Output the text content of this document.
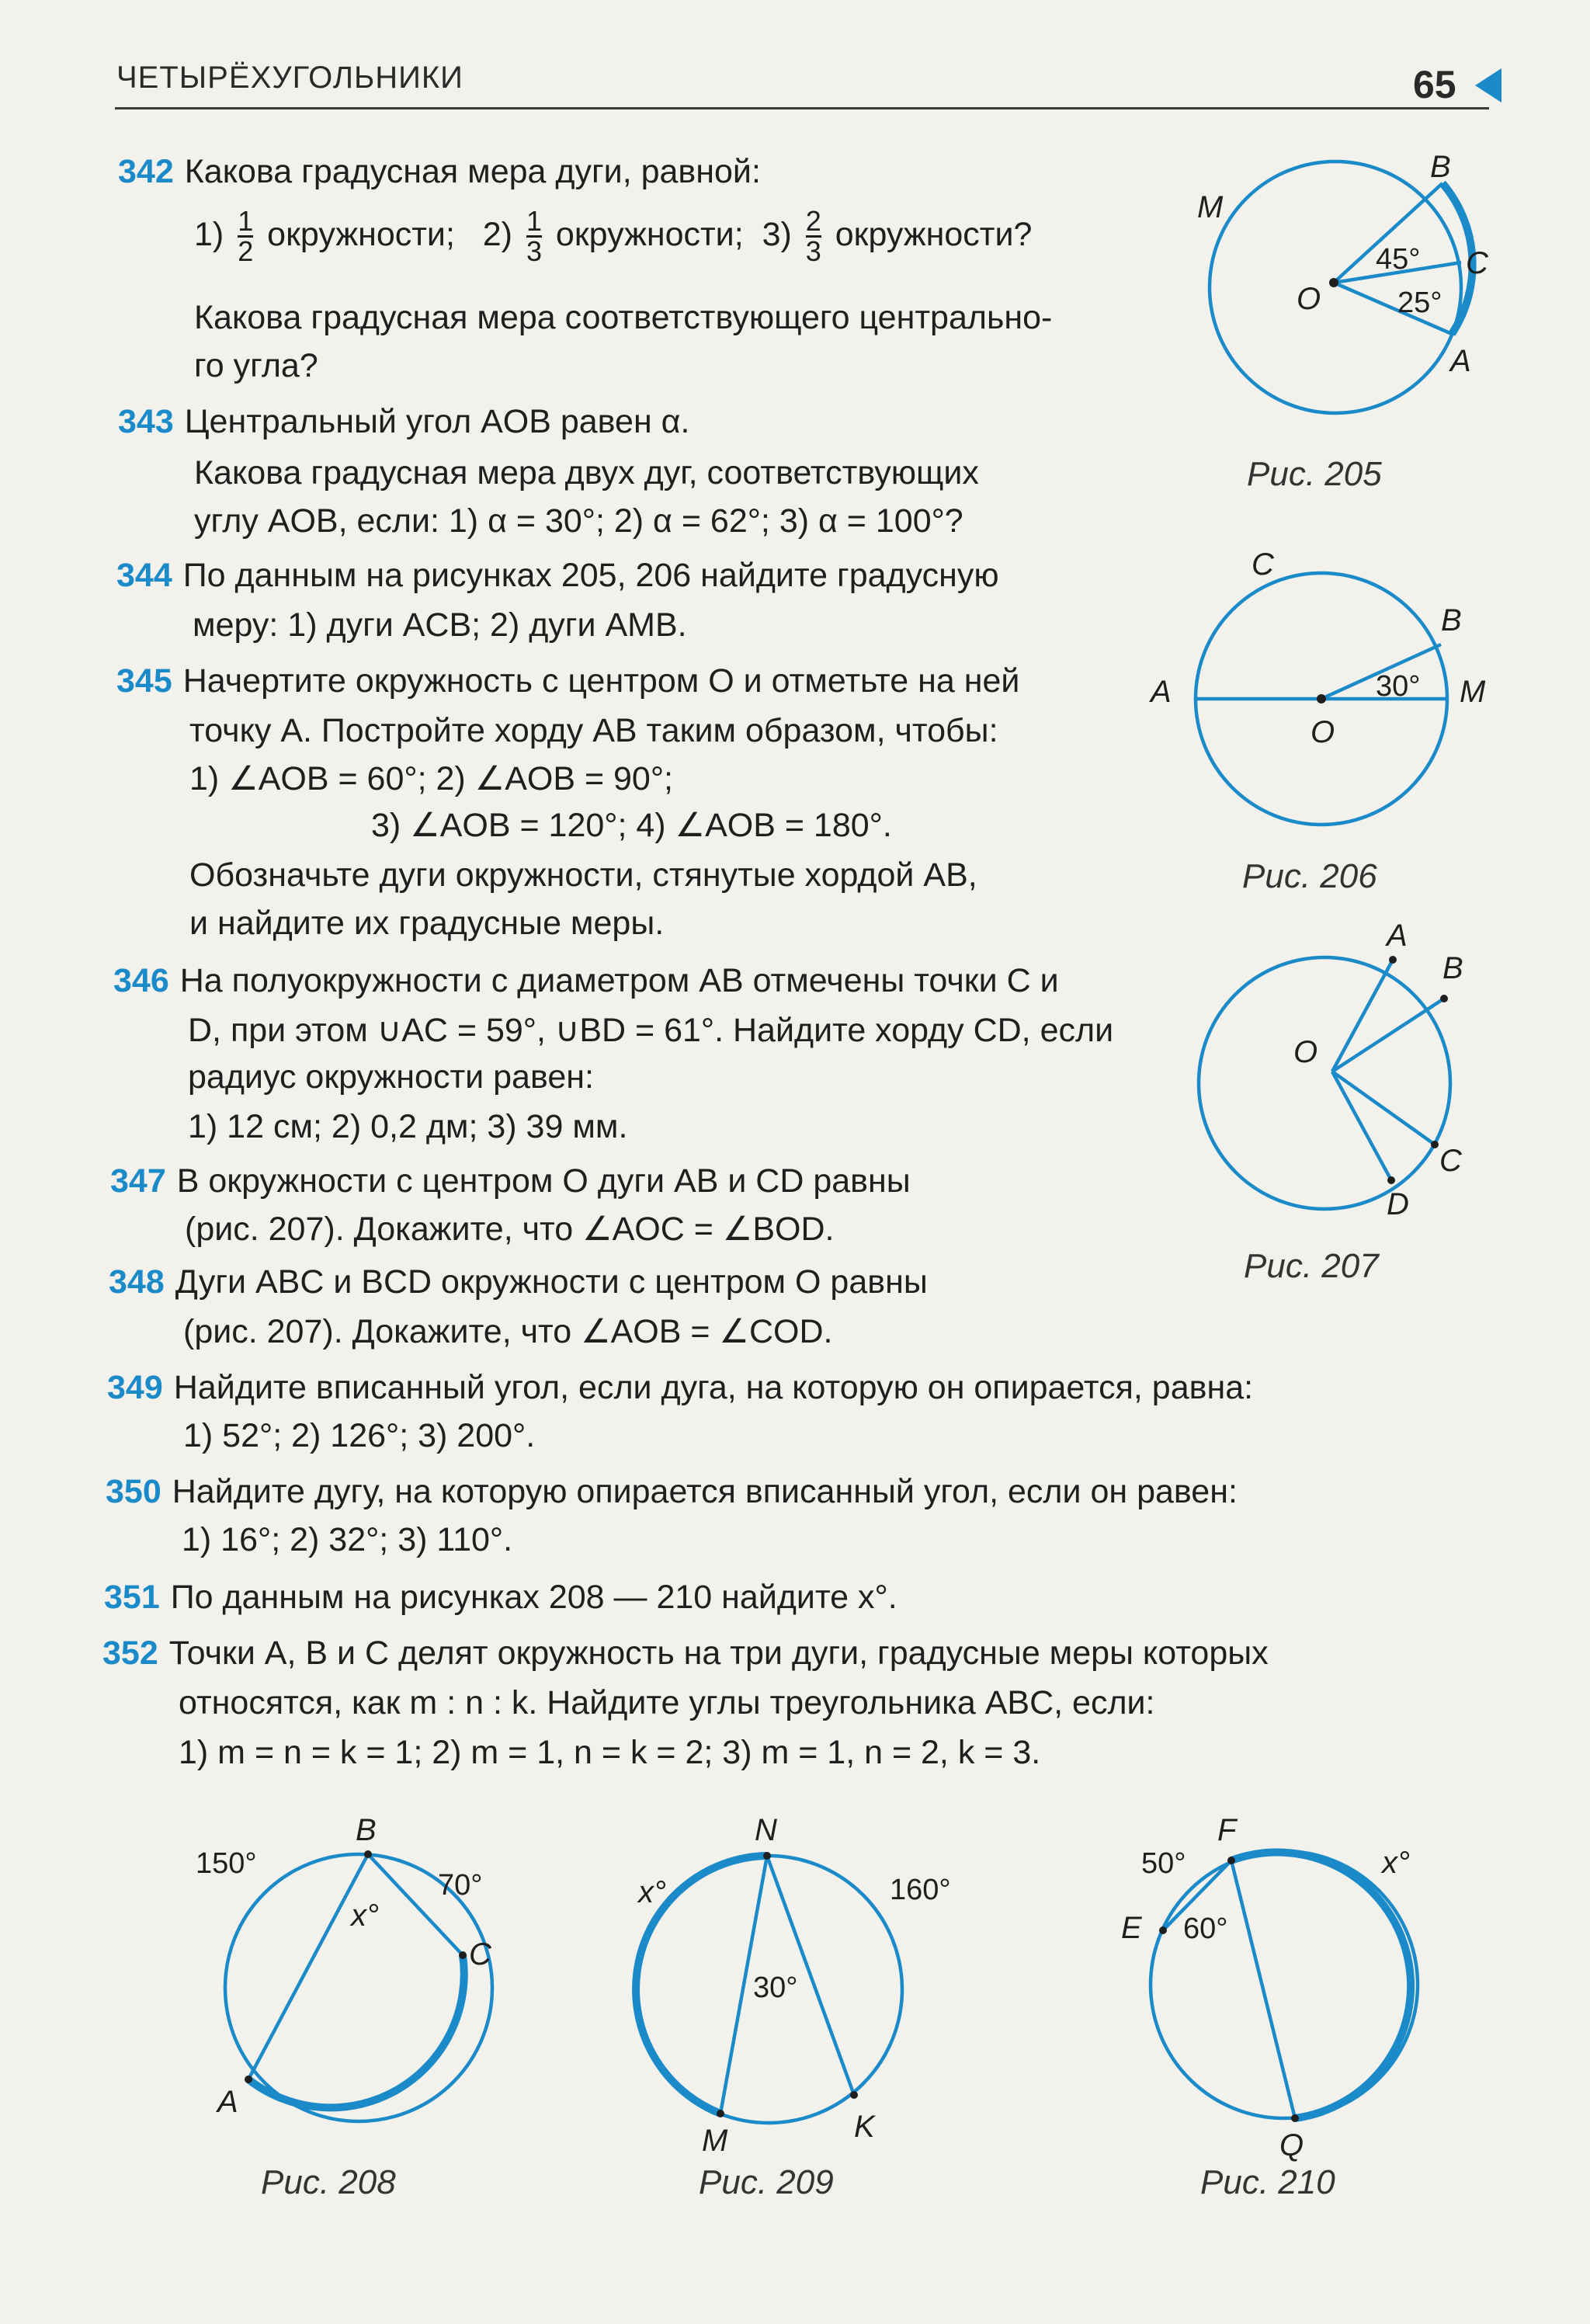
ЧЕТЫРЁХУГОЛЬНИКИ	65
342 Какова градусная мера дуги, равной:
$1) \frac{1}{2}$ окружности; $2) \frac{1}{3}$ окружности; $3) \frac{2}{3}$ окружности?
Какова градусная мера соответствующего центрально-
го угла?
343 Центральный угол AOB равен α.
Какова градусная мера двух дуг, соответствующих
углу AOB, если: 1) α = 30°; 2) α = 62°; 3) α = 100°?
344 По данным на рисунках 205, 206 найдите градусную
меру: 1) дуги ACB; 2) дуги AMB.
345 Начертите окружность с центром O и отметьте на ней
точку A. Постройте хорду AB таким образом, чтобы:
1) ∠AOB = 60°; 2) ∠AOB = 90°;
3) ∠AOB = 120°; 4) ∠AOB = 180°.
Обозначьте дуги окружности, стянутые хордой AB,
и найдите их градусные меры.
346 На полуокружности с диаметром AB отмечены точки C и
D, при этом ∪AC = 59°, ∪BD = 61°. Найдите хорду CD, если
радиус окружности равен:
1) 12 см; 2) 0,2 дм; 3) 39 мм.
347 В окружности с центром O дуги AB и CD равны
(рис. 207). Докажите, что ∠AOC = ∠BOD.
348 Дуги ABC и BCD окружности с центром O равны
(рис. 207). Докажите, что ∠AOB = ∠COD.
349 Найдите вписанный угол, если дуга, на которую он опирается, равна:
1) 52°; 2) 126°; 3) 200°.
350 Найдите дугу, на которую опирается вписанный угол, если он равен:
1) 16°; 2) 32°; 3) 110°.
351 По данным на рисунках 208 — 210 найдите x°.
352 Точки A, B и C делят окружность на три дуги, градусные меры которых
относятся, как m : n : k. Найдите углы треугольника ABC, если:
1) m = n = k = 1; 2) m = 1, n = k = 2; 3) m = 1, n = 2, k = 3.
M
B
C
O
A
45°
25°
Рис. 205
C
B
A	M
O
30°
Рис. 206
A
B
O
C
D
Рис. 207
B
C
A
150°
70°
x°
Рис. 208
N
M	K
160°
30°
x°
Рис. 209
F
E
Q
50°
60°
x°
Рис. 210
